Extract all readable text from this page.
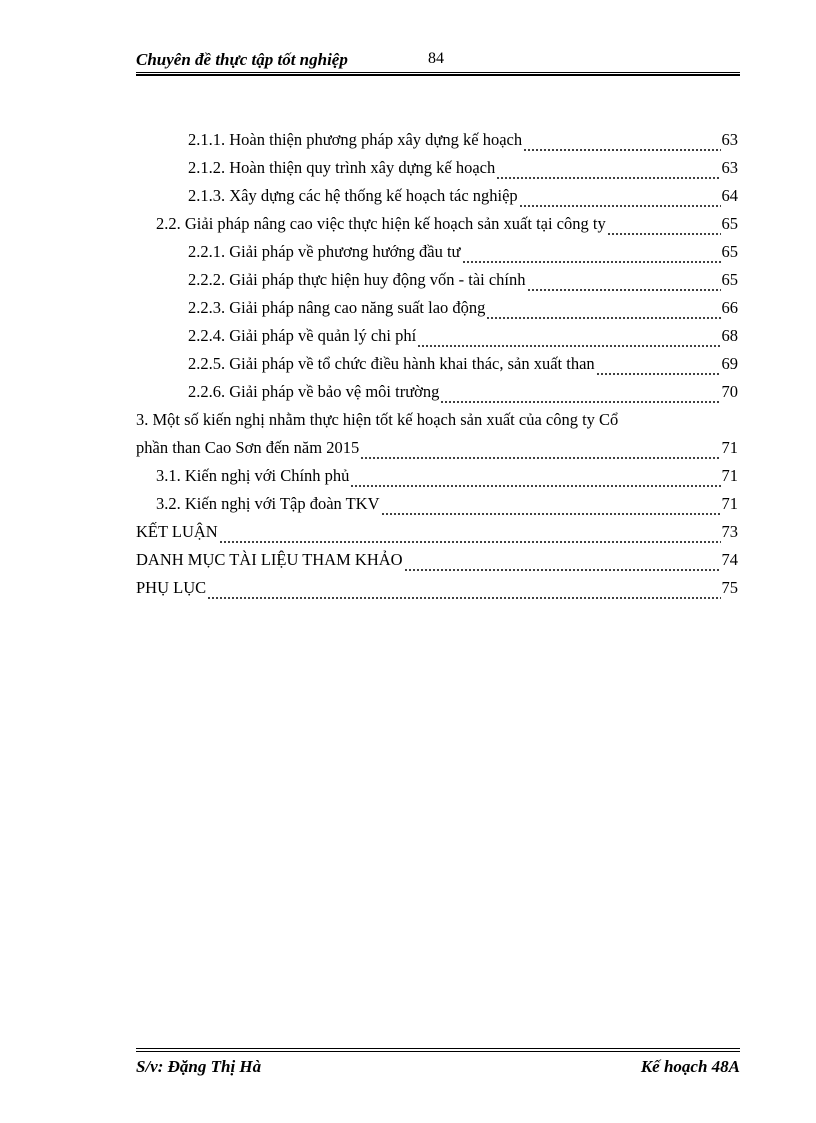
Chuyên đề thực tập tốt nghiệp	84
2.1.1. Hoàn thiện phương pháp xây dựng kế hoạch	63
2.1.2. Hoàn thiện quy trình xây dựng kế hoạch	63
2.1.3. Xây dựng các hệ thống kế hoạch tác nghiệp	64
2.2. Giải pháp nâng cao việc thực hiện kế hoạch sản xuất tại công ty	65
2.2.1. Giải pháp về phương hướng đầu tư	65
2.2.2. Giải pháp thực hiện huy động vốn - tài chính	65
2.2.3. Giải pháp nâng cao năng suất lao động	66
2.2.4. Giải pháp về quản lý chi phí	68
2.2.5. Giải pháp về tổ chức điều hành khai thác, sản xuất than	69
2.2.6. Giải pháp về bảo vệ môi trường	70
3. Một số kiến nghị nhằm thực hiện tốt kế hoạch sản xuất của công ty Cổ
phần than Cao Sơn đến năm 2015	71
3.1. Kiến nghị với Chính phủ	71
3.2. Kiến nghị với Tập đoàn TKV	71
KẾT LUẬN	73
DANH MỤC TÀI LIỆU THAM KHẢO	74
PHỤ LỤC	75
S/v: Đặng Thị Hà	Kế hoạch 48A
